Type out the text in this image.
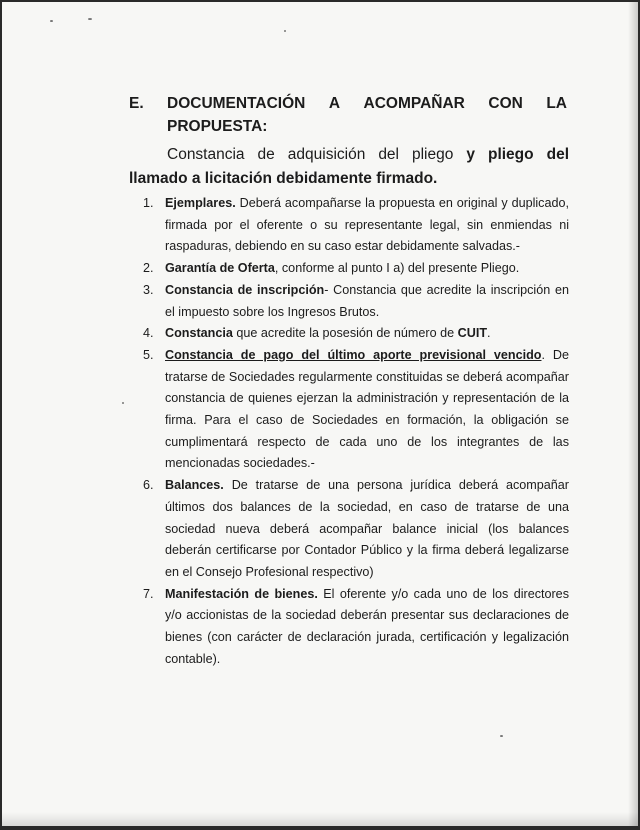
E.	DOCUMENTACIÓN A ACOMPAÑAR CON LA
PROPUESTA:

Constancia de adquisición del pliego y pliego del llamado a licitación debidamente firmado.

1. Ejemplares. Deberá acompañarse la propuesta en original y duplicado, firmada por el oferente o su representante legal, sin enmiendas ni raspaduras, debiendo en su caso estar debidamente salvadas.-
2. Garantía de Oferta, conforme al punto I a) del presente Pliego.
3. Constancia de inscripción- Constancia que acredite la inscripción en el impuesto sobre los Ingresos Brutos.
4. Constancia que acredite la posesión de número de CUIT.
5. Constancia de pago del último aporte previsional vencido. De tratarse de Sociedades regularmente constituidas se deberá acompañar constancia de quienes ejerzan la administración y representación de la firma. Para el caso de Sociedades en formación, la obligación se cumplimentará respecto de cada uno de los integrantes de las mencionadas sociedades.-
6. Balances. De tratarse de una persona jurídica deberá acompañar últimos dos balances de la sociedad, en caso de tratarse de una sociedad nueva deberá acompañar balance inicial (los balances deberán certificarse por Contador Público y la firma deberá legalizarse en el Consejo Profesional respectivo)
7. Manifestación de bienes. El oferente y/o cada uno de los directores y/o accionistas de la sociedad deberán presentar sus declaraciones de bienes (con carácter de declaración jurada, certificación y legalización contable).
